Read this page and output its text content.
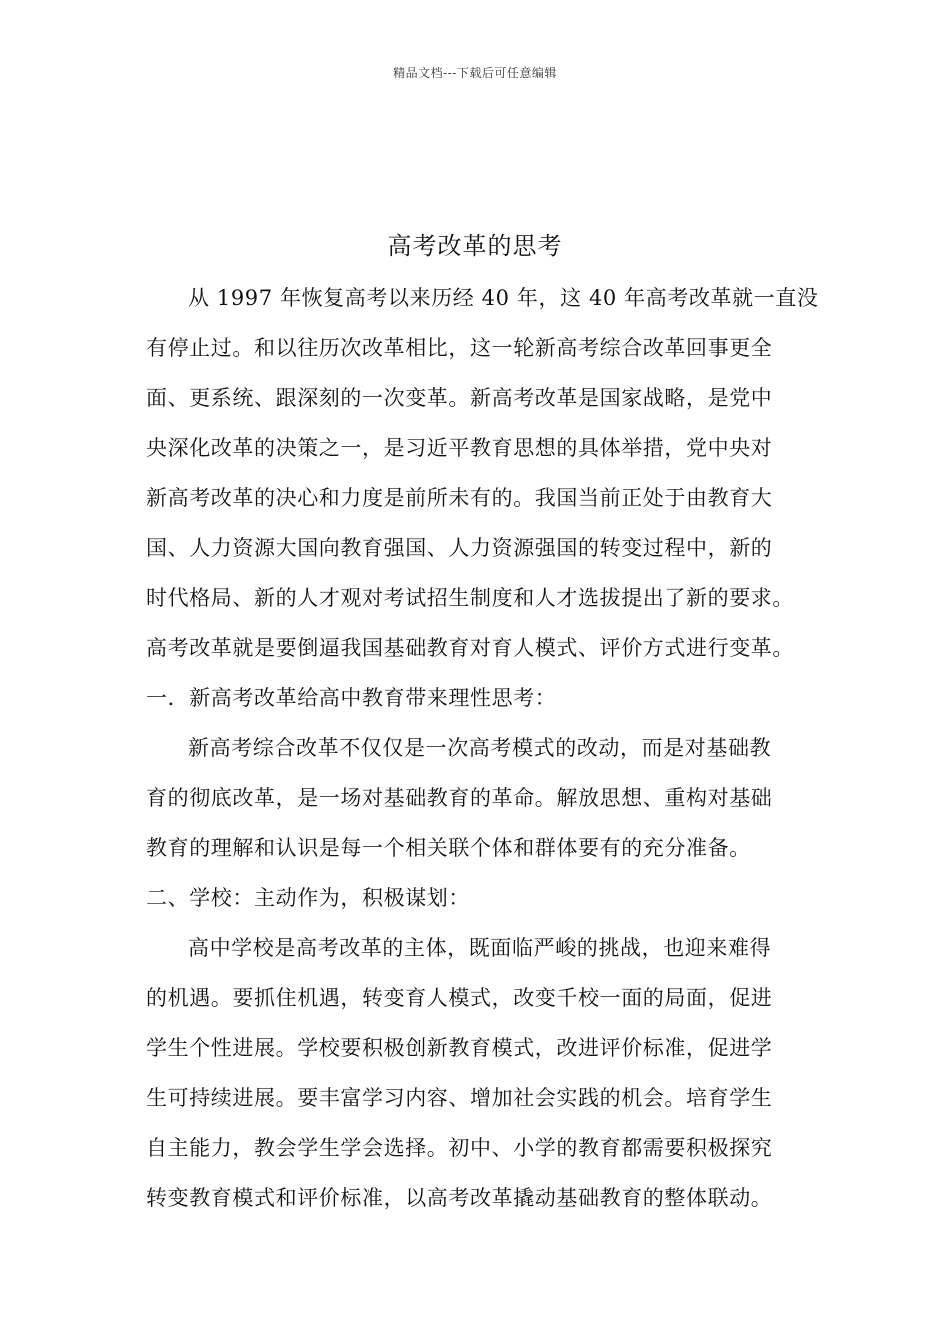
精品文档---下载后可任意编辑
高考改革的思考
从 1997 年恢复高考以来历经 40 年，这 40 年高考改革就一直没
有停止过。和以往历次改革相比，这一轮新高考综合改革回事更全
面、更系统、跟深刻的一次变革。新高考改革是国家战略，是党中
央深化改革的决策之一，是习近平教育思想的具体举措，党中央对
新高考改革的决心和力度是前所未有的。我国当前正处于由教育大
国、人力资源大国向教育强国、人力资源强国的转变过程中，新的
时代格局、新的人才观对考试招生制度和人才选拔提出了新的要求。
高考改革就是要倒逼我国基础教育对育人模式、评价方式进行变革。
一．新高考改革给高中教育带来理性思考：
新高考综合改革不仅仅是一次高考模式的改动，而是对基础教
育的彻底改革，是一场对基础教育的革命。解放思想、重构对基础
教育的理解和认识是每一个相关联个体和群体要有的充分准备。
二、学校：主动作为，积极谋划：
高中学校是高考改革的主体，既面临严峻的挑战，也迎来难得
的机遇。要抓住机遇，转变育人模式，改变千校一面的局面，促进
学生个性进展。学校要积极创新教育模式，改进评价标准，促进学
生可持续进展。要丰富学习内容、增加社会实践的机会。培育学生
自主能力，教会学生学会选择。初中、小学的教育都需要积极探究
转变教育模式和评价标准，以高考改革撬动基础教育的整体联动。
